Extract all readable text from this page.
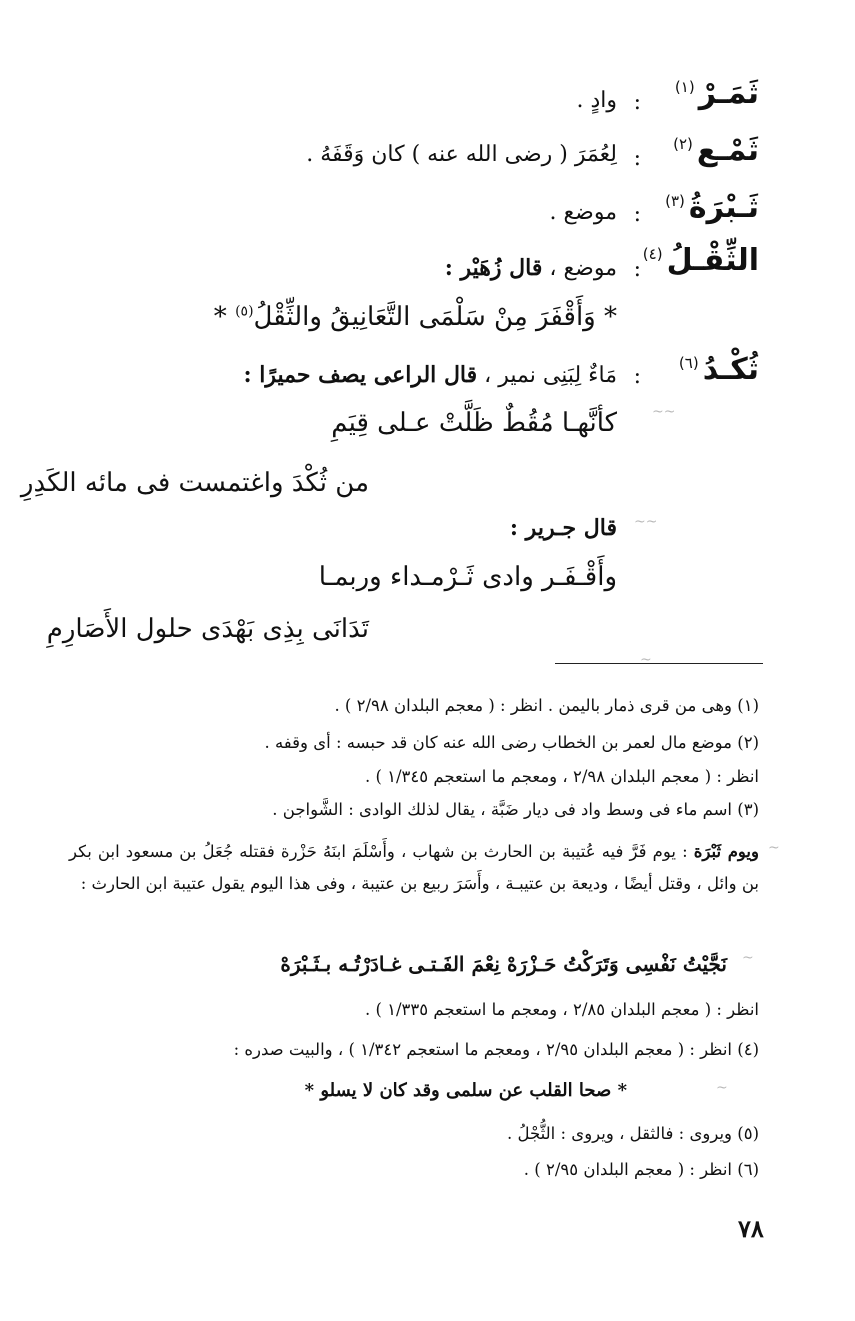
ثَمَـرْ$^{(١)}$
:
وادٍ .
ثَمْـع$^{(٢)}$
:
لِعُمَرَ ( رضى الله عنه ) كان وَقَفَهُ .
ثَـبْرَةُ$^{(٣)}$
:
موضع .
الثِّقْـلُ$^{(٤)}$
:
موضع ، قال زُهَيْر :
* وَأَقْفَرَ مِنْ سَلْمَى التَّعَانِيقُ والثِّقْلُ$^{(٥)}$ *
ثُكْـدُ$^{(٦)}$
:
مَاءٌ لِبَنِى نمير ، قال الراعى يصف حميرًا :
كأنَّهـا مُقُطٌ ظَلَّتْ عـلى قِيَمِ
من ثُكْدَ واغتمست فى مائه الكَدِرِ
قال جـرير :
وأَقْـفَـر وادى ثَـرْمـداء وربمـا
تَدَانَى بِذِى بَهْدَى حلول الأَصَارِمِ
(١) وهى من قرى ذمار باليمن . انظر : ( معجم البلدان ٢/٩٨ ) .
(٢) موضع مال لعمر بن الخطاب رضى الله عنه كان قد حبسه : أى وقفه .
انظر : ( معجم البلدان ٢/٩٨ ، ومعجم ما استعجم ١/٣٤٥ ) .
(٣) اسم ماء فى وسط واد فى ديار ضَبَّة ، يقال لذلك الوادى : الشَّواجن .
ويوم ثَبْرَة : يوم فَرَّ فيه عُتيبة بن الحارث بن شهاب ، وأَسْلَمَ ابنَهُ حَزْرة فقتله جُعَلُ بن مسعود ابن بكر بن وائل ، وقتل أيضًا ، وديعة بن عتيبـة ، وأَسَرَ ربيع بن عتيبة ، وفى هذا اليوم يقول عتيبة ابن الحارث :
نَجَّيْتُ نَفْسِى وَتَرَكْتُ حَـزْرَهْ نِعْمَ الفَـتـى غـادَرْتُـه بـثَـبْرَهْ
انظر : ( معجم البلدان ٢/٨٥ ، ومعجم ما استعجم ١/٣٣٥ ) .
(٤) انظر : ( معجم البلدان ٢/٩٥ ، ومعجم ما استعجم ١/٣٤٢ ) ، والبيت صدره :
* صحا القلب عن سلمى وقد كان لا يسلو *
(٥) ويروى : فالثقل ، ويروى : الثُّجْلُ .
(٦) انظر : ( معجم البلدان ٢/٩٥ ) .
٧٨
~~
~~
~
~
~
~
